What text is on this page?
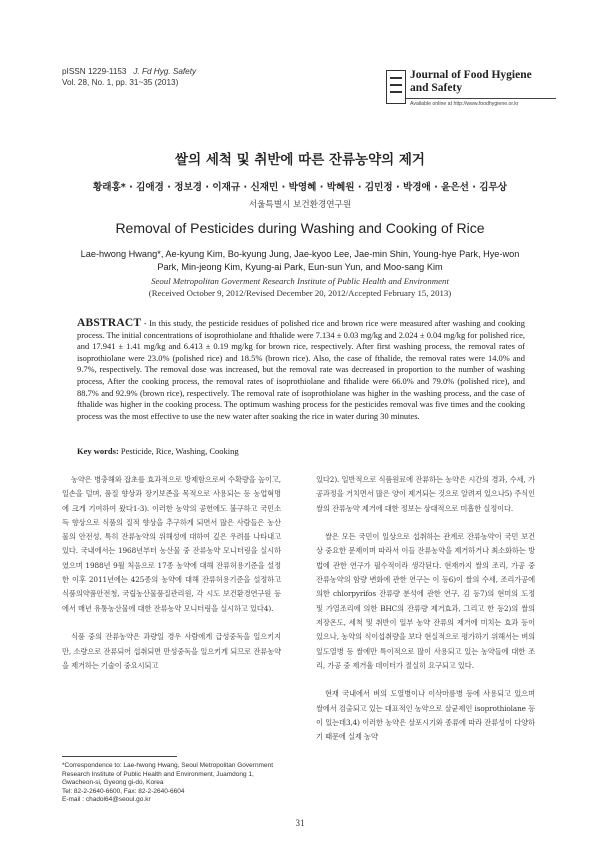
pISSN 1229-1153 J. Fd Hyg. Safety
Vol. 28, No. 1, pp. 31~35 (2013)
Journal of Food Hygiene
and Safety
Available online at http://www.foodhygiene.or.kr
쌀의 세척 및 취반에 따른 잔류농약의 제거
황래홍* · 김애경 · 정보경 · 이재규 · 신재민 · 박영혜 · 박혜원 · 김민정 · 박경애 · 윤은선 · 김무상
서울특별시 보건환경연구원
Removal of Pesticides during Washing and Cooking of Rice
Lae-hwong Hwang*, Ae-kyung Kim, Bo-kyung Jung, Jae-kyoo Lee, Jae-min Shin, Young-hye Park, Hye-won Park, Min-jeong Kim, Kyung-ai Park, Eun-sun Yun, and Moo-sang Kim
Seoul Metropolitan Goverment Research Institute of Public Health and Environment
(Received October 9, 2012/Revised December 20, 2012/Accepted February 15, 2013)
ABSTRACT - In this study, the pesticide residues of polished rice and brown rice were measured after washing and cooking process. The initial concentrations of isoprothiolane and fthalide were 7.134 ± 0.03 mg/kg and 2.024 ± 0.04 mg/kg for polished rice, and 17.941 ± 1.41 mg/kg and 6.413 ± 0.19 mg/kg for brown rice, respectively. After first washing process, the removal rates of isoprothiolane were 23.0% (polished rice) and 18.5% (brown rice). Also, the case of fthalide, the removal rates were 14.0% and 9.7%, respectively. The removal dose was increased, but the removal rate was decreased in proportion to the number of washing process, After the cooking process, the removal rates of isoprothiolane and fthalide were 66.0% and 79.0% (polished rice), and 88.7% and 92.9% (brown rice), respectively. The removal rate of isoprothiolane was higher in the washing process, and the case of fthalide was higher in the cooking process. The optimum washing process for the pesticides removal was five times and the cooking process was the most effective to use the new water after soaking the rice in water during 30 minutes.
Key words: Pesticide, Rice, Washing, Cooking

농약은 병충해와 잡초를 효과적으로 방제함으로써 수확량을 높이고, 일손을 덜며, 품질 향상과 장기보존을 목적으로 사용되는 등 농업혁명에 크게 기여하여 왔다1-3). 이러한 농약의 공헌에도 불구하고 국민소득 향상으로 식품의 질적 향상을 추구하게 되면서 많은 사람들은 농산물의 안전성, 특히 잔류농약의 위해성에 대하여 깊은 우려를 나타내고 있다. 국내에서는 1968년부터 농산물 중 잔류농약 모니터링을 실시하였으며 1988년 9월 처음으로 17종 농약에 대해 잔류허용기준을 설정한 이후 2011년에는 425종의 농약에 대해 잔류허용기준을 설정하고 식품의약품안전청, 국립농산물품질관리원, 각 시도 보건환경연구원 등에서 매년 유통농산물에 대한 잔류농약 모니터링을 실시하고 있다4).

식품 중의 잔류농약은 과량일 경우 사람에게 급성중독을 일으키지만, 소량으로 잔류되어 섭취되면 만성중독을 일으키게 되므로 잔류농약을 제거하는 기술이 중요시되고

있다2). 일반적으로 식품원료에 잔류하는 농약은 시간의 경과, 수세, 가공과정을 거치면서 많은 양이 제거되는 것으로 알려져 있으나5) 주식인 쌀의 잔류농약 제거에 대한 정보는 상대적으로 미흡한 실정이다.

쌀은 모든 국민이 일상으로 섭취하는 관계로 잔류농약이 국민 보건상 중요한 문제이며 따라서 이들 잔류농약을 제거하거나 최소화하는 방법에 관한 연구가 필수적이라 생각된다. 현재까지 쌀의 조리, 가공 중 잔류농약의 함량 변화에 관한 연구는 이 등6)이 쌀의 수세, 조리가공에 의한 chlorpyrifos 잔류량 분석에 관한 연구, 김 등7)의 현미의 도정 및 가열조리에 의한 BHC의 잔류량 제거효과, 그리고 한 등2)의 쌀의 저장온도, 세척 및 취반이 일부 농약 잔류의 제거에 미치는 효과 등이 있으나, 농약의 식이섭취량을 보다 현실적으로 평가하기 위해서는 벼의 잎도열병 등 쌀에만 특이적으로 많이 사용되고 있는 농약들에 대한 조리, 가공 중 제거율 데이터가 절실히 요구되고 있다.

현재 국내에서 벼의 도열병이나 이삭마름병 등에 사용되고 있으며 쌀에서 검출되고 있는 대표적인 농약으로 살균제인 isoprothiolane 등이 있는데3,4) 이러한 농약은 살포시기와 종류에 따라 잔류성이 다양하기 때문에 실제 농약

*Correspondence to: Lae-hwong Hwang, Seoul Metropolitan Government Research Institute of Public Health and Environment, Juamdong 1, Gwacheon-si, Gyeong gi-do, Korea
Tel: 82-2-2640-6600, Fax: 82-2-2640-6604
E-mail : chadol64@seoul.go.kr
31
